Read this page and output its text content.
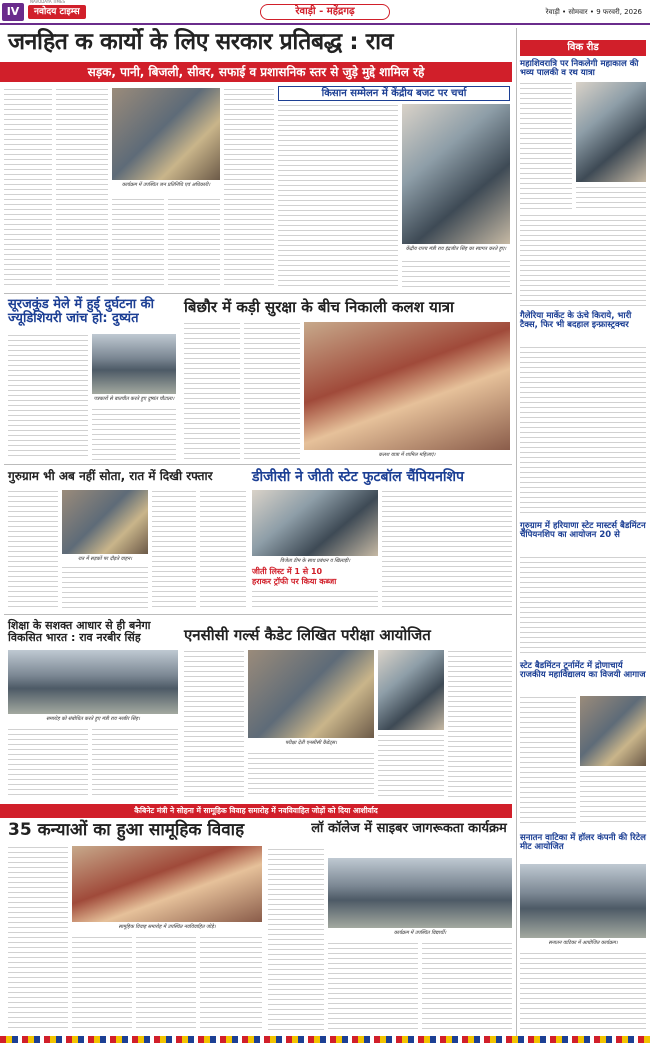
IV	नवोदय टाइम्स
NAVODAYA TIMES
रेवाड़ी - महेंद्रगढ़	रेवाड़ी • सोमवार • 9 फरवरी, 2026
जनहित क कार्यो के लिए सरकार प्रतिबद्ध : राव
सड़क, पानी, बिजली, सीवर, सफाई व प्रशासनिक स्तर से जुड़े मुद्दे शामिल रहे
कार्यक्रम में उपस्थित जन प्रतिनिधि एवं अधिकारी।
किसान सम्मेलन में केंद्रीय बजट पर चर्चा
केंद्रीय राज्य मंत्री राव इंद्रजीत सिंह का स्वागत करते हुए।
सूरजकुंड मेले में हुई दुर्घटना की ज्यूडिशियरी जांच हो: दुष्यंत
पत्रकारों से बातचीत करते हुए दुष्यंत चौटाला।
बिछौर में कड़ी सुरक्षा के बीच निकाली कलश यात्रा
कलश यात्रा में शामिल महिलाएं।
गुरुग्राम भी अब नहीं सोता, रात में दिखी रफ्तार
रात में सड़कों पर दौड़ते वाहन।
डीजीसी ने जीती स्टेट फुटबॉल चैंपियनशिप
विजेता टीम के साथ प्रबंधन व खिलाड़ी।
जीती लिस्ट में 1 से 10
हराकर ट्रॉफी पर किया कब्जा
शिक्षा के सशक्त आधार से ही बनेगा विकसित भारत : राव नरबीर सिंह
समारोह को संबोधित करते हुए मंत्री राव नरबीर सिंह।
एनसीसी गर्ल्स कैडेट लिखित परीक्षा आयोजित
परीक्षा देती एनसीसी कैडेट्स।
कैबिनेट मंत्री ने सोहना में सामूहिक विवाह समारोह में नवविवाहित जोड़ों को दिया आशीर्वाद
35 कन्याओं का हुआ सामूहिक विवाह
सामूहिक विवाह समारोह में उपस्थित नवविवाहित जोड़े।
लॉ कॉलेज में साइबर जागरूकता कार्यक्रम
कार्यक्रम में उपस्थित विद्यार्थी।
विक रीड
महाशिवरात्रि पर निकलेगी महाकाल की भव्य पालकी व रथ यात्रा
गैलेरिया मार्केट के ऊंचे किराये, भारी टैक्स, फिर भी बदहाल इन्फ्रास्ट्रक्चर
गुरुग्राम में हरियाणा स्टेट मास्टर्स बैडमिंटन चैंपियनशिप का आयोजन 20 से
स्टेट बैडमिंटन टूर्नामेंट में द्रोणाचार्य राजकीय महाविद्यालय का विजयी आगाज
सनातन वाटिका में हॉलर कंपनी की रिटेल मीट आयोजित
सनातन वाटिका में आयोजित कार्यक्रम।
